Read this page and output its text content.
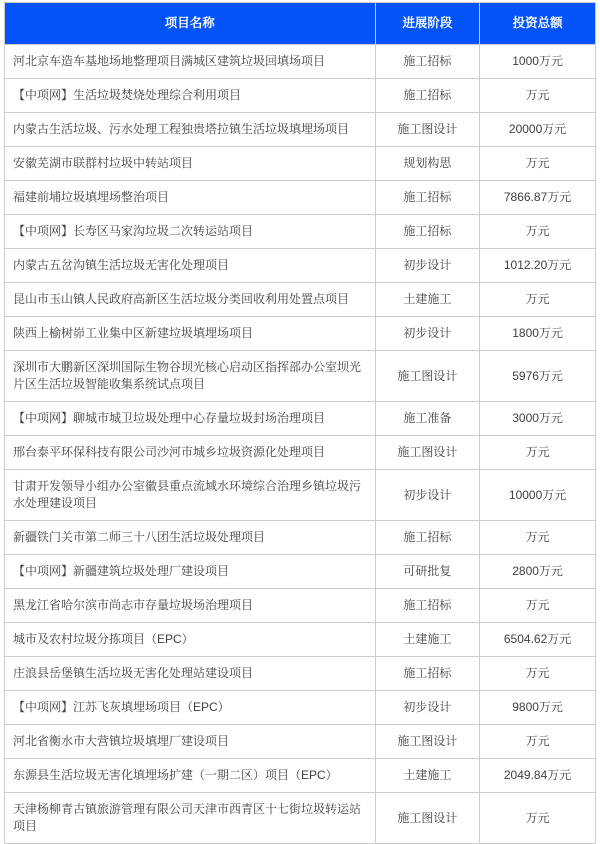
项目名称	进展阶段	投资总额
河北京车造车基地场地整理项目满城区建筑垃圾回填场项目	施工招标	1000万元
【中项网】生活垃圾焚烧处理综合利用项目	施工招标	万元
内蒙古生活垃圾、污水处理工程独贵塔拉镇生活垃圾填埋场项目	施工图设计	20000万元
安徽芜湖市联群村垃圾中转站项目	规划构思	万元
福建前埔垃圾填埋场整治项目	施工招标	7866.87万元
【中项网】长寿区马家沟垃圾二次转运站项目	施工招标	万元
内蒙古五岔沟镇生活垃圾无害化处理项目	初步设计	1012.20万元
昆山市玉山镇人民政府高新区生活垃圾分类回收利用处置点项目	土建施工	万元
陕西上榆树峁工业集中区新建垃圾填埋场项目	初步设计	1800万元
深圳市大鹏新区深圳国际生物谷坝光核心启动区指挥部办公室坝光片区生活垃圾智能收集系统试点项目	施工图设计	5976万元
【中项网】聊城市城卫垃圾处理中心存量垃圾封场治理项目	施工准备	3000万元
邢台泰平环保科技有限公司沙河市城乡垃圾资源化处理项目	施工图设计	万元
甘肃开发领导小组办公室徽县重点流域水环境综合治理乡镇垃圾污水处理建设项目	初步设计	10000万元
新疆铁门关市第二师三十八团生活垃圾处理项目	施工招标	万元
【中项网】新疆建筑垃圾处理厂建设项目	可研批复	2800万元
黑龙江省哈尔滨市尚志市存量垃圾场治理项目	施工招标	万元
城市及农村垃圾分拣项目（EPC）	土建施工	6504.62万元
庄浪县岳堡镇生活垃圾无害化处理站建设项目	施工招标	万元
【中项网】江苏飞灰填埋场项目（EPC）	初步设计	9800万元
河北省衡水市大营镇垃圾填埋厂建设项目	施工图设计	万元
东源县生活垃圾无害化填埋场扩建（一期二区）项目（EPC）	土建施工	2049.84万元
天津杨柳青古镇旅游管理有限公司天津市西青区十七街垃圾转运站项目	施工图设计	万元
